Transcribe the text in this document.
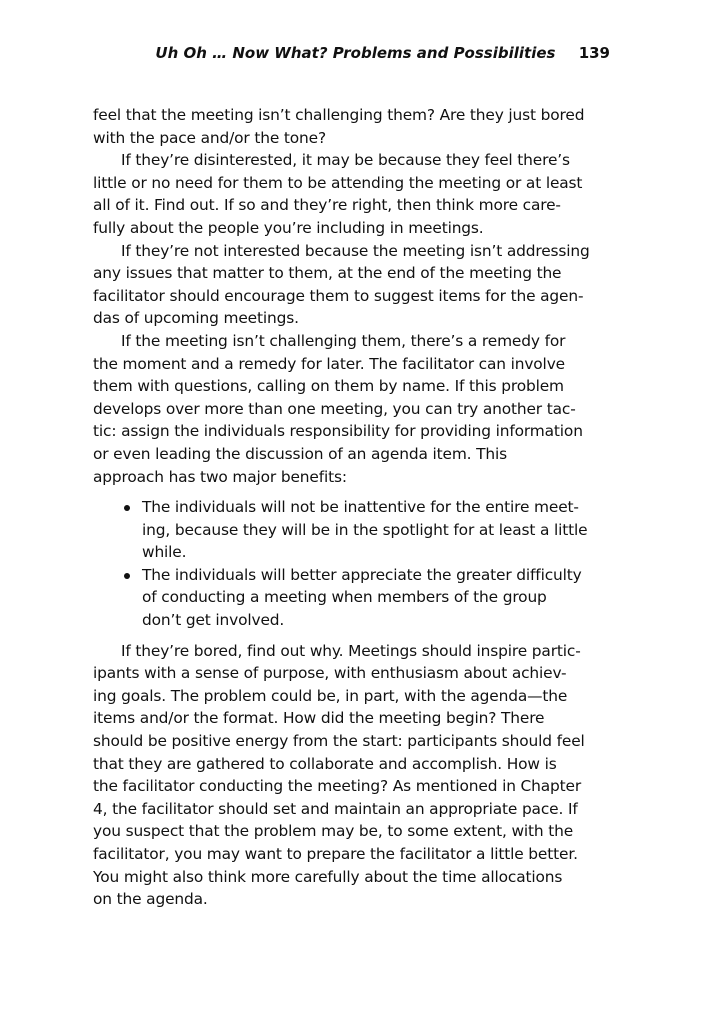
Uh Oh … Now What? Problems and Possibilities 139

feel that the meeting isn’t challenging them? Are they just bored
with the pace and/or the tone?

If they’re disinterested, it may be because they feel there’s
little or no need for them to be attending the meeting or at least
all of it. Find out. If so and they’re right, then think more care-
fully about the people you’re including in meetings.

If they’re not interested because the meeting isn’t addressing
any issues that matter to them, at the end of the meeting the
facilitator should encourage them to suggest items for the agen-
das of upcoming meetings.

If the meeting isn’t challenging them, there’s a remedy for
the moment and a remedy for later. The facilitator can involve
them with questions, calling on them by name. If this problem
develops over more than one meeting, you can try another tac-
tic: assign the individuals responsibility for providing information
or even leading the discussion of an agenda item. This
approach has two major benefits:

The individuals will not be inattentive for the entire meet-
ing, because they will be in the spotlight for at least a little
while.
The individuals will better appreciate the greater difficulty
of conducting a meeting when members of the group
don’t get involved.

If they’re bored, find out why. Meetings should inspire partic-
ipants with a sense of purpose, with enthusiasm about achiev-
ing goals. The problem could be, in part, with the agenda—the
items and/or the format. How did the meeting begin? There
should be positive energy from the start: participants should feel
that they are gathered to collaborate and accomplish. How is
the facilitator conducting the meeting? As mentioned in Chapter
4, the facilitator should set and maintain an appropriate pace. If
you suspect that the problem may be, to some extent, with the
facilitator, you may want to prepare the facilitator a little better.
You might also think more carefully about the time allocations
on the agenda.
